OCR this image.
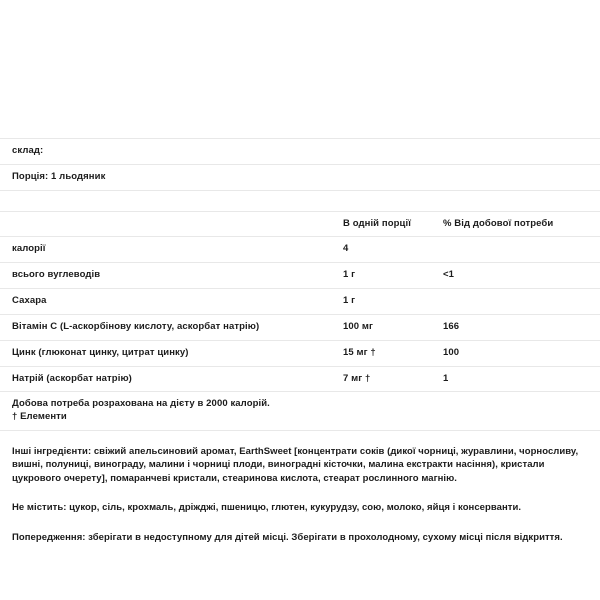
склад:		
Порція: 1 льодяник		

	В одній порції	% Від добової потреби
калорії	4	
всього вуглеводів	1 г	<1
Сахара	1 г	
Вітамін C (L-аскорбінову кислоту, аскорбат натрію)	100 мг	166
Цинк (глюконат цинку, цитрат цинку)	15 мг †	100
Натрій (аскорбат натрію)	7 мг †	1

Добова потреба розрахована на дієту в 2000 калорій.
† Елементи		

Інші інгредієнти: свіжий апельсиновий аромат, EarthSweet [концентрати соків (дикої чорниці, журавлини, чорносливу, вишні, полуниці, винограду, малини і чорниці плоди, виноградні кісточки, малина екстракти насіння), кристали цукрового очерету], помаранчеві кристали, стеаринова кислота, стеарат рослинного магнію.

Не містить: цукор, сіль, крохмаль, дріжджі, пшеницю, глютен, кукурудзу, сою, молоко, яйця і консерванти.

Попередження: зберігати в недоступному для дітей місці. Зберігати в прохолодному, сухому місці після відкриття.
